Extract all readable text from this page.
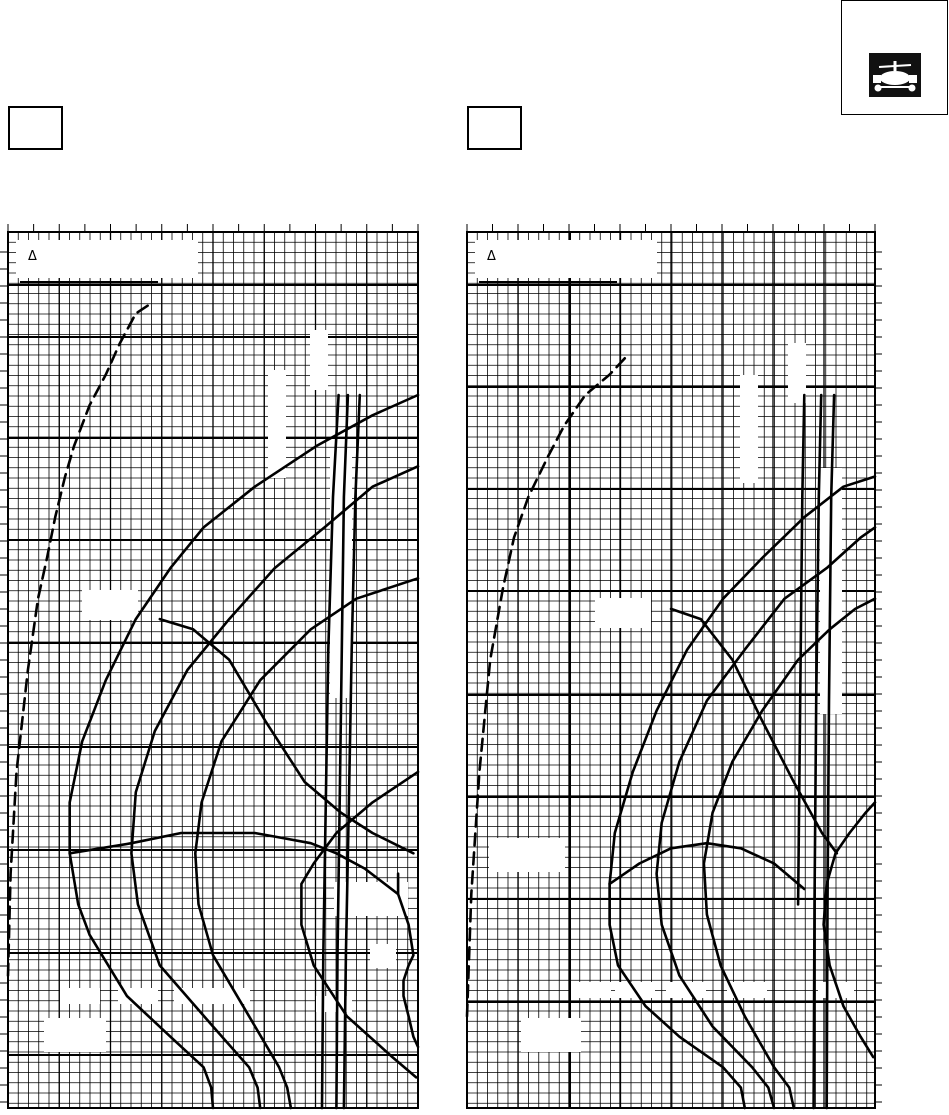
Δ	Δ
